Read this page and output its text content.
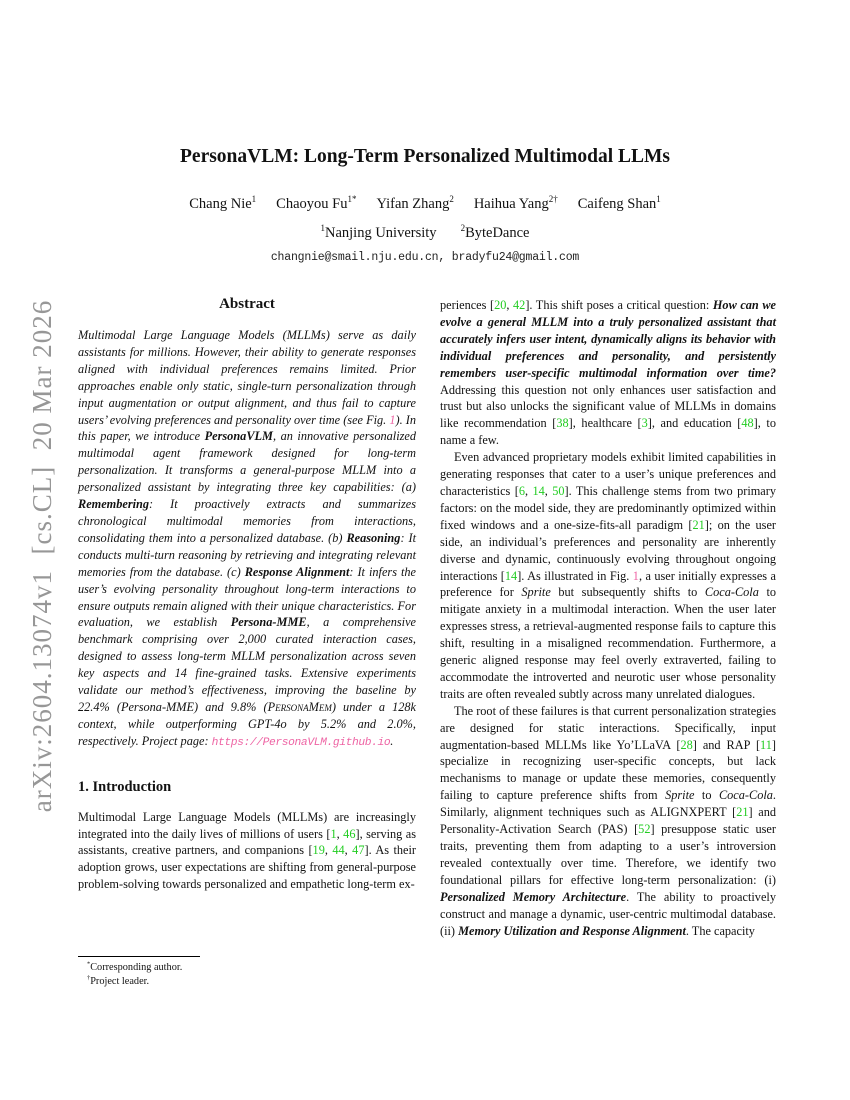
arXiv:2604.13074v1  [cs.CL]  20 Mar 2026
PersonaVLM: Long-Term Personalized Multimodal LLMs
Chang Nie$^1$ Chaoyou $Fu^{1*}$ Yifan Zhang$^2$ Haihua Yang$^{2\dagger}$ Caifeng Shan$^1$
$^1$Nanjing University	$^2$ByteDance
changnie@smail.nju.edu.cn, bradyfu24@gmail.com
Abstract
Multimodal Large Language Models (MLLMs) serve as daily assistants for millions. However, their ability to generate responses aligned with individual preferences remains limited. Prior approaches enable only static, single-turn personalization through input augmentation or output alignment, and thus fail to capture users’ evolving preferences and personality over time (see Fig. 1). In this paper, we introduce PersonaVLM, an innovative personalized multimodal agent framework designed for long-term personalization. It transforms a general-purpose MLLM into a personalized assistant by integrating three key capabilities: (a) Remembering: It proactively extracts and summarizes chronological multimodal memories from interactions, consolidating them into a personalized database. (b) Reasoning: It conducts multi-turn reasoning by retrieving and integrating relevant memories from the database. (c) Response Alignment: It infers the user’s evolving personality throughout long-term interactions to ensure outputs remain aligned with their unique characteristics. For evaluation, we establish Persona-MME, a comprehensive benchmark comprising over 2,000 curated interaction cases, designed to assess long-term MLLM personalization across seven key aspects and 14 fine-grained tasks. Extensive experiments validate our method’s effectiveness, improving the baseline by 22.4% (Persona-MME) and 9.8% (PersonaMem) under a 128k context, while outperforming GPT-4o by 5.2% and 2.0%, respectively. Project page: https://PersonaVLM.github.io.
1. Introduction

Multimodal Large Language Models (MLLMs) are increasingly integrated into the daily lives of millions of users [1, 46], serving as assistants, creative partners, and companions [19, 44, 47]. As their adoption grows, user expectations are shifting from general-purpose problem-solving towards personalized and empathetic long-term ex-

periences [20, 42]. This shift poses a critical question: How can we evolve a general MLLM into a truly personalized assistant that accurately infers user intent, dynamically aligns its behavior with individual preferences and personality, and persistently remembers user-specific multimodal information over time? Addressing this question not only enhances user satisfaction and trust but also unlocks the significant value of MLLMs in domains like recommendation [38], healthcare [3], and education [48], to name a few.

Even advanced proprietary models exhibit limited capabilities in generating responses that cater to a user’s unique preferences and characteristics [6, 14, 50]. This challenge stems from two primary factors: on the model side, they are predominantly optimized within fixed windows and a one-size-fits-all paradigm [21]; on the user side, an individual’s preferences and personality are inherently diverse and dynamic, continuously evolving throughout ongoing interactions [14]. As illustrated in Fig. 1, a user initially expresses a preference for Sprite but subsequently shifts to Coca-Cola to mitigate anxiety in a multimodal interaction. When the user later expresses stress, a retrieval-augmented response fails to capture this shift, resulting in a misaligned recommendation. Furthermore, a generic aligned response may feel overly extraverted, failing to accommodate the introverted and neurotic user whose personality traits are often revealed subtly across many unrelated dialogues.

The root of these failures is that current personalization strategies are designed for static interactions. Specifically, input augmentation-based MLLMs like Yo’LLaVA [28] and RAP [11] specialize in recognizing user-specific concepts, but lack mechanisms to manage or update these memories, consequently failing to capture preference shifts from Sprite to Coca-Cola. Similarly, alignment techniques such as ALIGNXPERT [21] and Personality-Activation Search (PAS) [52] presuppose static user traits, preventing them from adapting to a user’s introversion revealed contextually over time. Therefore, we identify two foundational pillars for effective long-term personalization: (i) Personalized Memory Architecture. The ability to proactively construct and manage a dynamic, user-centric multimodal database. (ii) Memory Utilization and Response Alignment. The capacity

*Corresponding author.
†Project leader.
